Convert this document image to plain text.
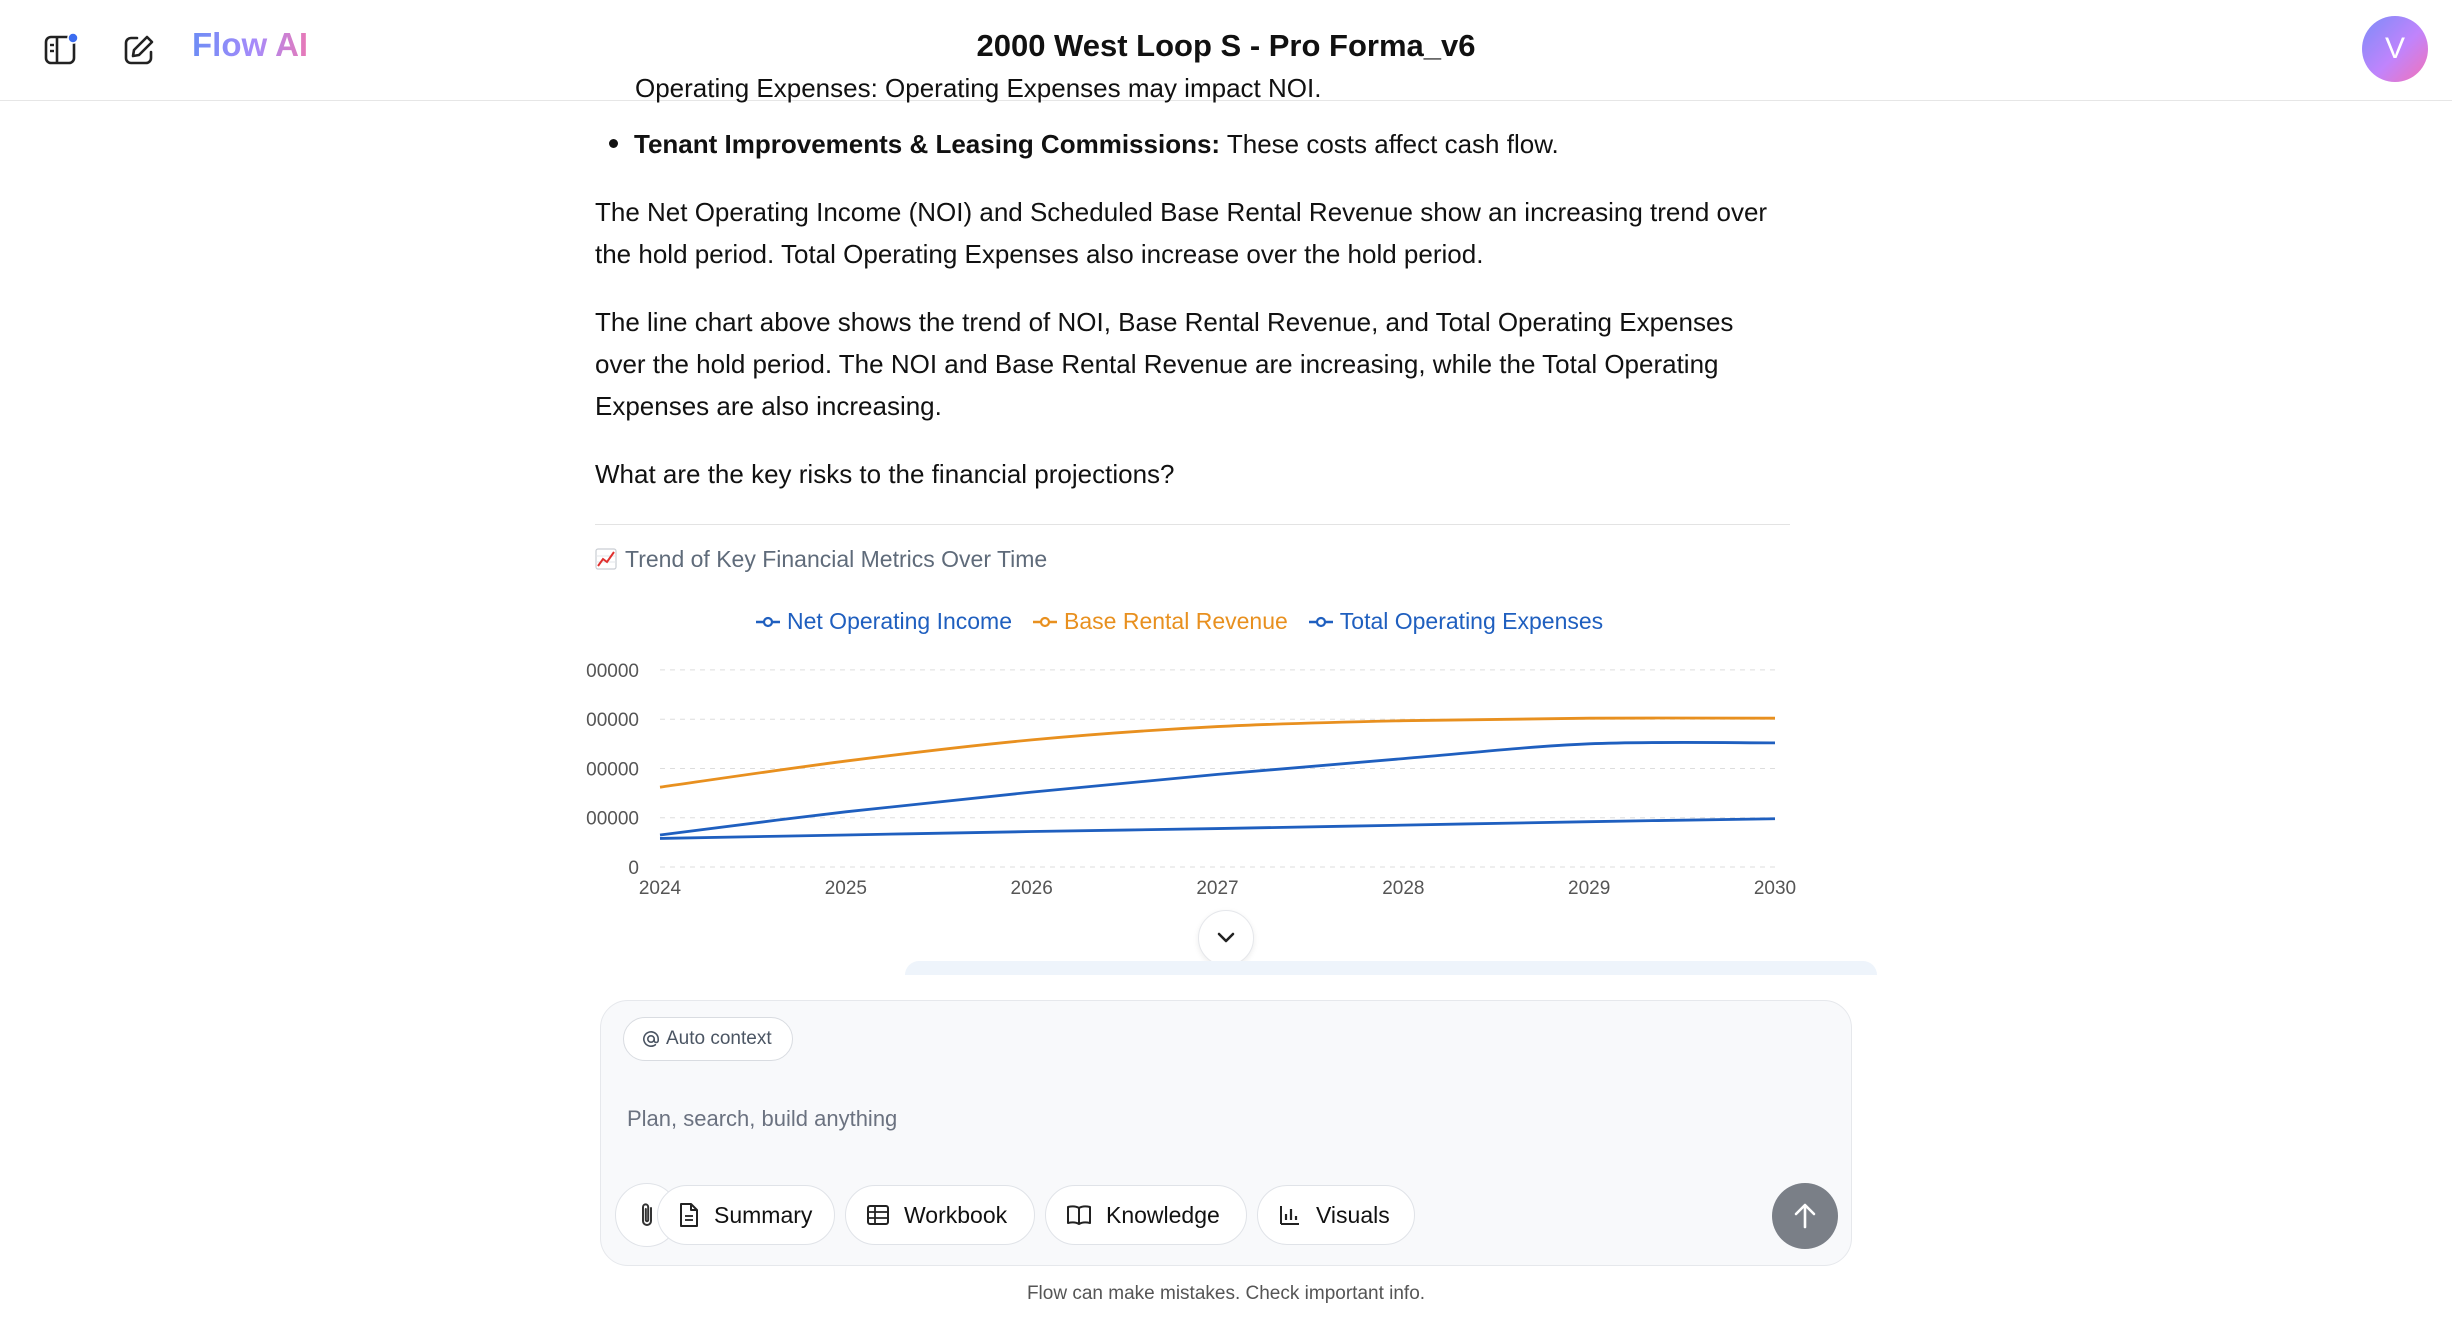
Flow AI	2000 West Loop S - Pro Forma_v6	V
Operating Expenses: Operating Expenses may impact NOI.
Tenant Improvements & Leasing Commissions: These costs affect cash flow.
The Net Operating Income (NOI) and Scheduled Base Rental Revenue show an increasing trend over the hold period. Total Operating Expenses also increase over the hold period.
The line chart above shows the trend of NOI, Base Rental Revenue, and Total Operating Expenses over the hold period. The NOI and Base Rental Revenue are increasing, while the Total Operating Expenses are also increasing.
What are the key risks to the financial projections?
Trend of Key Financial Metrics Over Time
Net Operating Income Base Rental Revenue Total Operating Expenses
0
00000
00000
00000
00000
2024	2025	2026	2027	2028	2029	2030
Auto context
Plan, search, build anything
Summary	Workbook	Knowledge	Visuals
Flow can make mistakes. Check important info.
